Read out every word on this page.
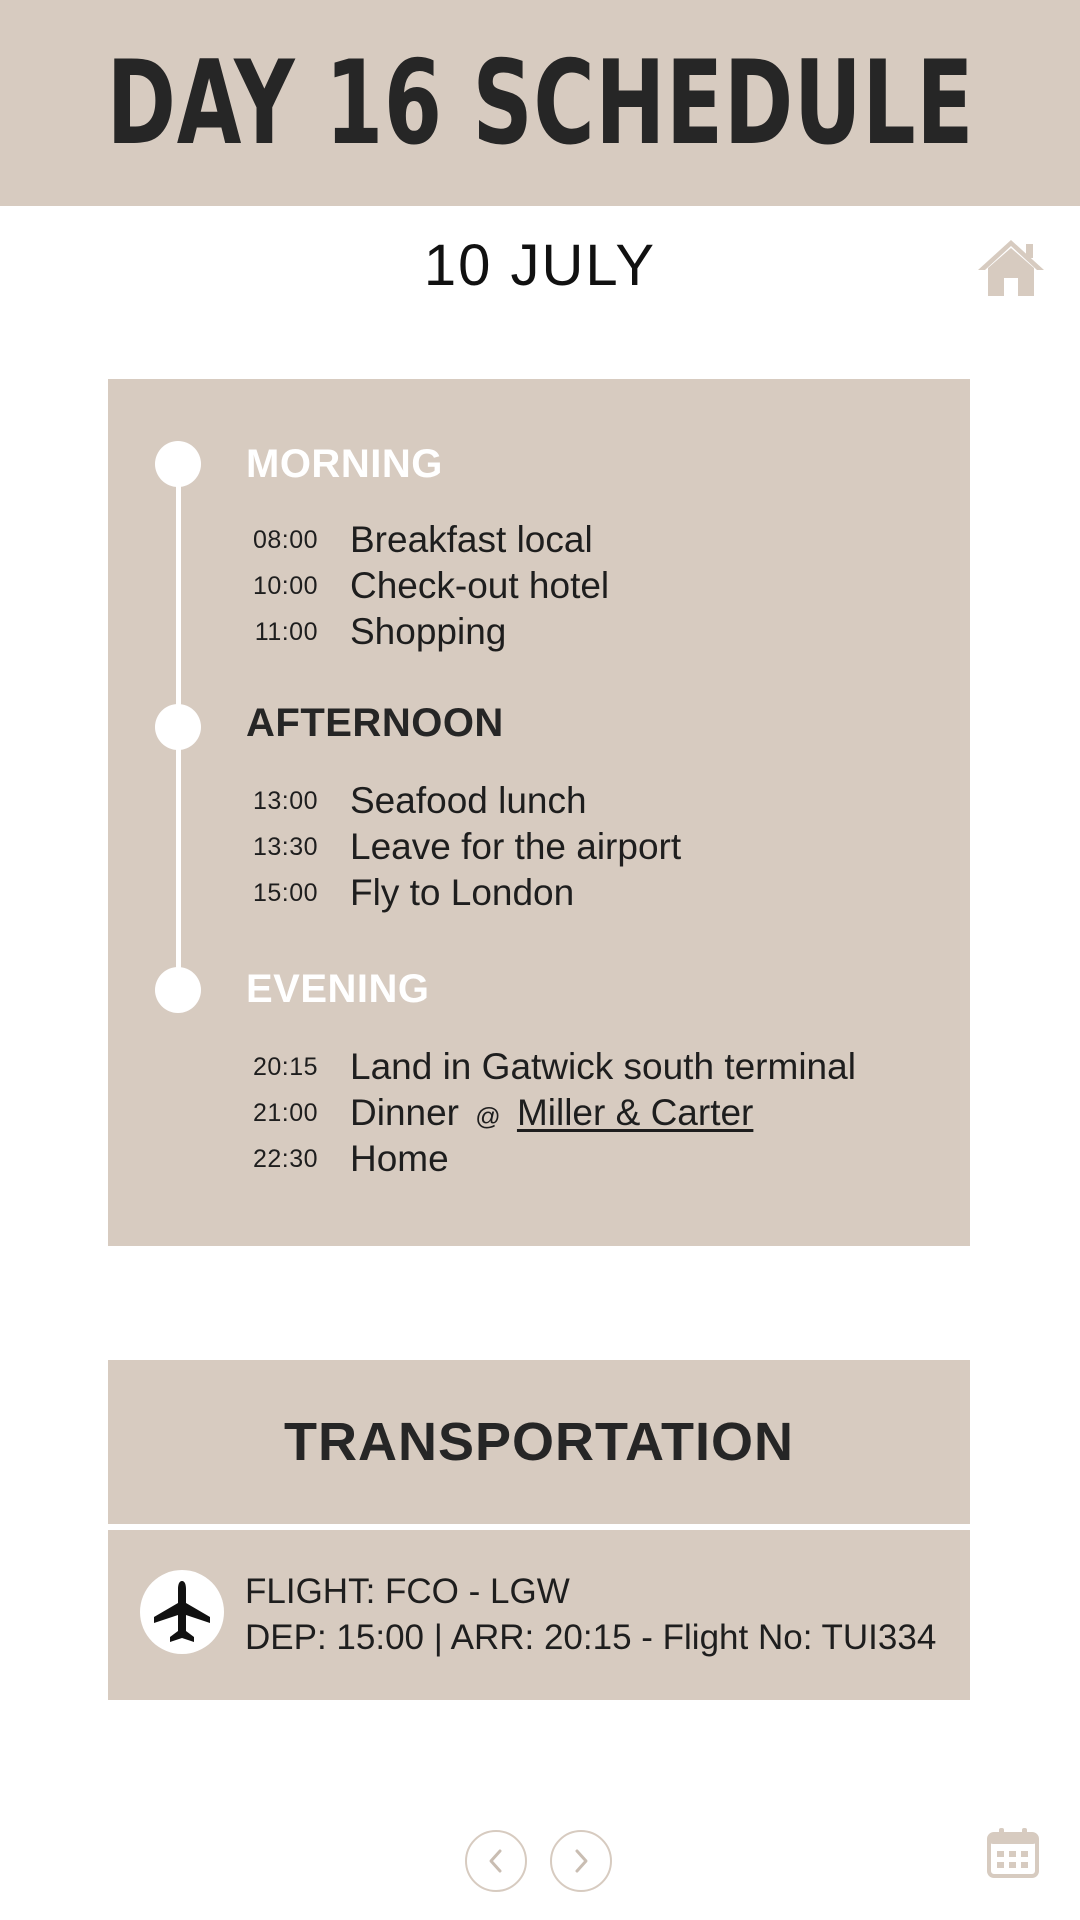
DAY 16 SCHEDULE
10 JULY
MORNING
08:00 Breakfast local
10:00 Check-out hotel
11:00 Shopping
AFTERNOON
13:00 Seafood lunch
13:30 Leave for the airport
15:00 Fly to London
EVENING
20:15 Land in Gatwick south terminal
21:00 Dinner @ Miller & Carter
22:30 Home
TRANSPORTATION
FLIGHT: FCO - LGW
DEP: 15:00 | ARR: 20:15 - Flight No: TUI334
